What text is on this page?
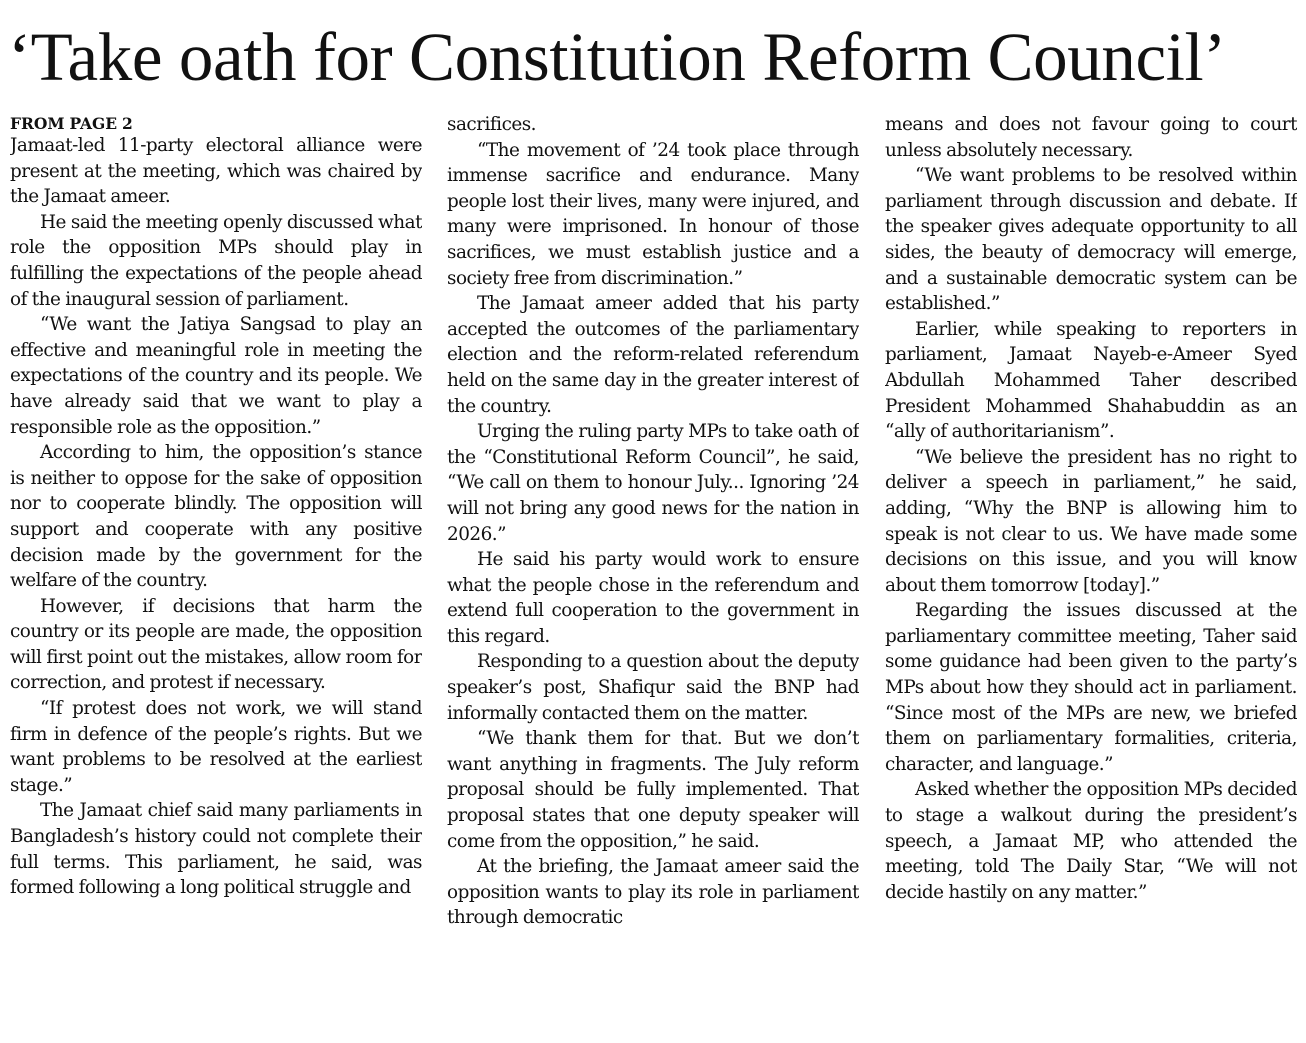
‘Take oath for Constitution Reform Council’
FROM PAGE 2

Jamaat-led 11-party electoral alliance were present at the meeting, which was chaired by the Jamaat ameer.

He said the meeting openly discussed what role the opposition MPs should play in fulfilling the expectations of the people ahead of the inaugural session of parliament.

“We want the Jatiya Sangsad to play an effective and meaningful role in meeting the expectations of the country and its people. We have already said that we want to play a responsible role as the opposition.”

According to him, the opposition’s stance is neither to oppose for the sake of opposition nor to cooperate blindly. The opposition will support and cooperate with any positive decision made by the government for the welfare of the country.

However, if decisions that harm the country or its people are made, the opposition will first point out the mistakes, allow room for correction, and protest if necessary.

“If protest does not work, we will stand firm in defence of the people’s rights. But we want problems to be resolved at the earliest stage.”

The Jamaat chief said many parliaments in Bangladesh’s history could not complete their full terms. This parliament, he said, was formed following a long political struggle and

sacrifices.

“The movement of ’24 took place through immense sacrifice and endurance. Many people lost their lives, many were injured, and many were imprisoned. In honour of those sacrifices, we must establish justice and a society free from discrimination.”

The Jamaat ameer added that his party accepted the outcomes of the parliamentary election and the reform-related referendum held on the same day in the greater interest of the country.

Urging the ruling party MPs to take oath of the “Constitutional Reform Council”, he said, “We call on them to honour July... Ignoring ’24 will not bring any good news for the nation in 2026.”

He said his party would work to ensure what the people chose in the referendum and extend full cooperation to the government in this regard.

Responding to a question about the deputy speaker’s post, Shafiqur said the BNP had informally contacted them on the matter.

“We thank them for that. But we don’t want anything in fragments. The July reform proposal should be fully implemented. That proposal states that one deputy speaker will come from the opposition,” he said.

At the briefing, the Jamaat ameer said the opposition wants to play its role in parliament through democratic

means and does not favour going to court unless absolutely necessary.

“We want problems to be resolved within parliament through discussion and debate. If the speaker gives adequate opportunity to all sides, the beauty of democracy will emerge, and a sustainable democratic system can be established.”

Earlier, while speaking to reporters in parliament, Jamaat Nayeb-e-Ameer Syed Abdullah Mohammed Taher described President Mohammed Shahabuddin as an “ally of authoritarianism”.

“We believe the president has no right to deliver a speech in parliament,” he said, adding, “Why the BNP is allowing him to speak is not clear to us. We have made some decisions on this issue, and you will know about them tomorrow [today].”

Regarding the issues discussed at the parliamentary committee meeting, Taher said some guidance had been given to the party’s MPs about how they should act in parliament. “Since most of the MPs are new, we briefed them on parliamentary formalities, criteria, character, and language.”

Asked whether the opposition MPs decided to stage a walkout during the president’s speech, a Jamaat MP, who attended the meeting, told The Daily Star, “We will not decide hastily on any matter.”
